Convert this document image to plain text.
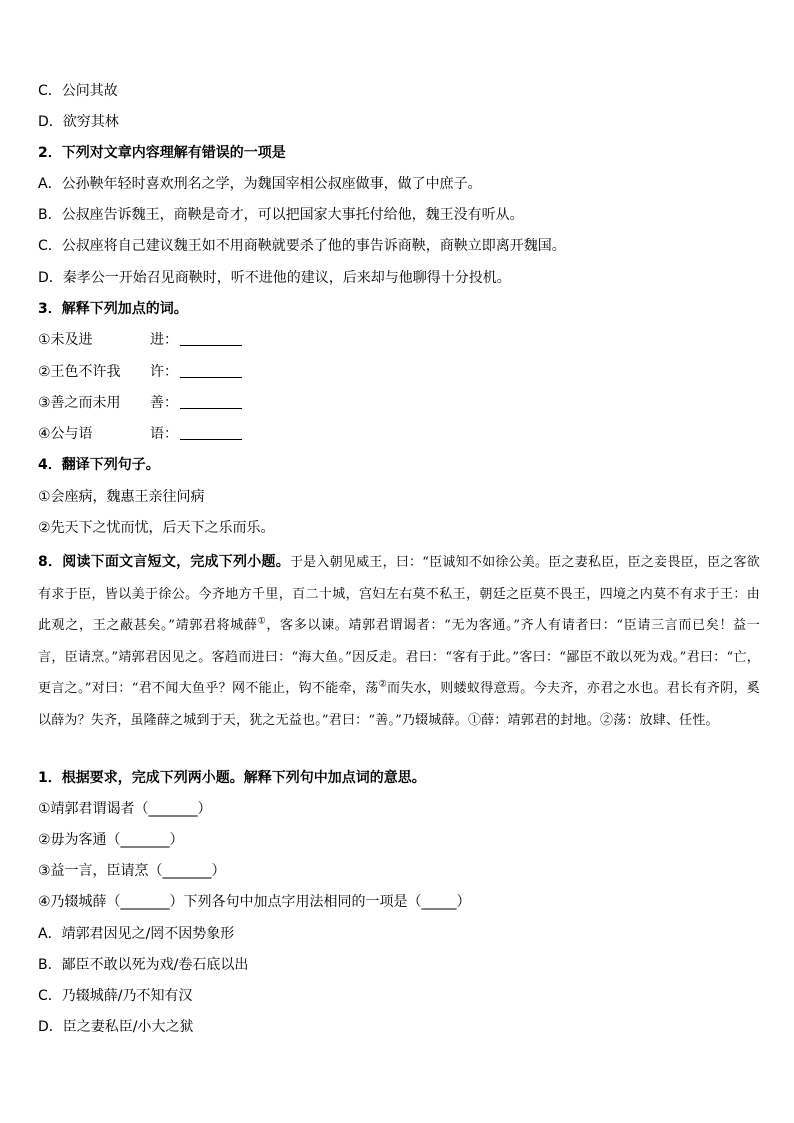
C．公问其故
D．欲穷其林
2．下列对文章内容理解有错误的一项是
A．公孙鞅年轻时喜欢刑名之学，为魏国宰相公叔座做事，做了中庶子。
B．公叔座告诉魏王，商鞅是奇才，可以把国家大事托付给他，魏王没有听从。
C．公叔座将自己建议魏王如不用商鞅就要杀了他的事告诉商鞅，商鞅立即离开魏国。
D．秦孝公一开始召见商鞅时，听不进他的建议，后来却与他聊得十分投机。
3．解释下列加点的词。
①未及进	进：
②王色不许我 许：
③善之而未用 善：
④公与语	语：
4．翻译下列句子。
①会座病，魏惠王亲往问病
②先天下之忧而忧，后天下之乐而乐。
8．阅读下面文言短文，完成下列小题。于是入朝见威王，曰：“臣诚知不如徐公美。臣之妻私臣，臣之妾畏臣，臣之客欲有求于臣，皆以美于徐公。今齐地方千里，百二十城，宫妇左右莫不私王，朝廷之臣莫不畏王，四境之内莫不有求于王：由此观之，王之蔽甚矣。”靖郭君将城薛①，客多以谏。靖郭君谓谒者：“无为客通。”齐人有请者曰：“臣请三言而已矣！益一言，臣请烹。”靖郭君因见之。客趋而进曰：“海大鱼。”因反走。君曰：“客有于此。”客曰：“鄙臣不敢以死为戏。”君曰：“亡，更言之。”对曰：“君不闻大鱼乎？网不能止，钩不能牵，荡②而失水，则蝼蚁得意焉。今夫齐，亦君之水也。君长有齐阴，奚以薛为？失齐，虽隆薛之城到于天，犹之无益也。”君曰：“善。”乃辍城薛。①薛：靖郭君的封地。②荡：放肆、任性。
1．根据要求，完成下列两小题。解释下列句中加点词的意思。
①靖郭君谓谒者（_______）
②毋为客通（_______）
③益一言，臣请烹（_______）
④乃辍城薛（_______）下列各句中加点字用法相同的一项是（_____）
A．靖郭君因见之/罔不因势象形
B．鄙臣不敢以死为戏/卷石底以出
C．乃辍城薛/乃不知有汉
D．臣之妻私臣/小大之狱
